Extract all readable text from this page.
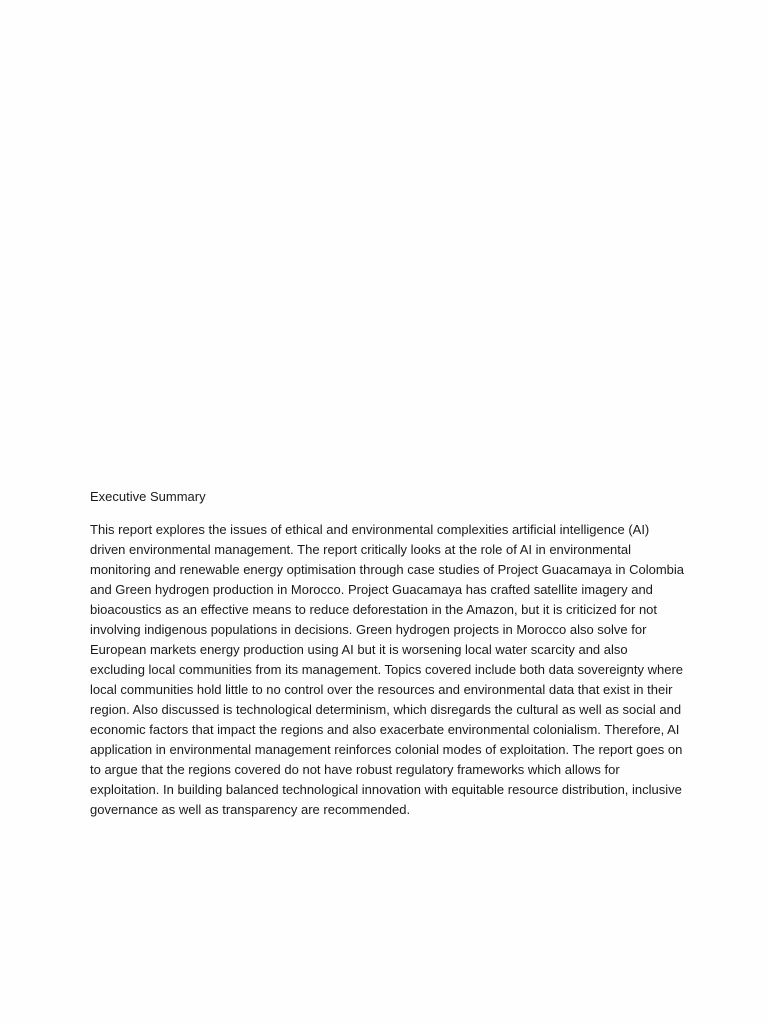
Executive Summary

This report explores the issues of ethical and environmental complexities artificial intelligence (AI) driven environmental management. The report critically looks at the role of AI in environmental monitoring and renewable energy optimisation through case studies of Project Guacamaya in Colombia and Green hydrogen production in Morocco. Project Guacamaya has crafted satellite imagery and bioacoustics as an effective means to reduce deforestation in the Amazon, but it is criticized for not involving indigenous populations in decisions. Green hydrogen projects in Morocco also solve for European markets energy production using AI but it is worsening local water scarcity and also excluding local communities from its management. Topics covered include both data sovereignty where local communities hold little to no control over the resources and environmental data that exist in their region. Also discussed is technological determinism, which disregards the cultural as well as social and economic factors that impact the regions and also exacerbate environmental colonialism. Therefore, AI application in environmental management reinforces colonial modes of exploitation. The report goes on to argue that the regions covered do not have robust regulatory frameworks which allows for exploitation. In building balanced technological innovation with equitable resource distribution, inclusive governance as well as transparency are recommended.
